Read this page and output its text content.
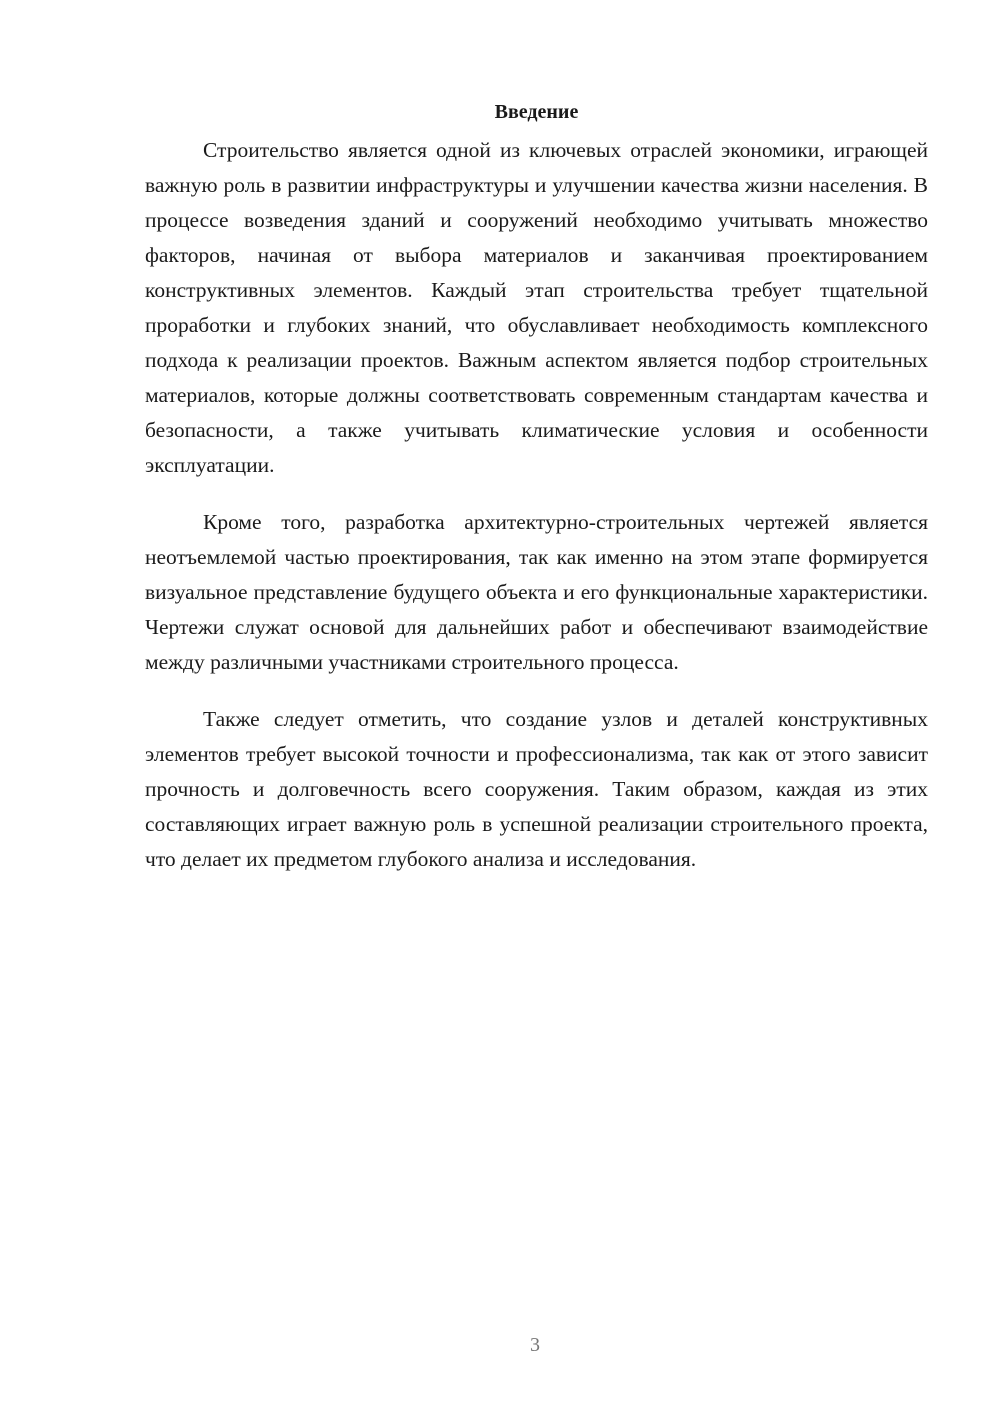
Введение

Строительство является одной из ключевых отраслей экономики, играющей важную роль в развитии инфраструктуры и улучшении качества жизни населения. В процессе возведения зданий и сооружений необходимо учитывать множество факторов, начиная от выбора материалов и заканчивая проектированием конструктивных элементов. Каждый этап строительства требует тщательной проработки и глубоких знаний, что обуславливает необходимость комплексного подхода к реализации проектов. Важным аспектом является подбор строительных материалов, которые должны соответствовать современным стандартам качества и безопасности, а также учитывать климатические условия и особенности эксплуатации.

Кроме того, разработка архитектурно-строительных чертежей является неотъемлемой частью проектирования, так как именно на этом этапе формируется визуальное представление будущего объекта и его функциональные характеристики. Чертежи служат основой для дальнейших работ и обеспечивают взаимодействие между различными участниками строительного процесса.

Также следует отметить, что создание узлов и деталей конструктивных элементов требует высокой точности и профессионализма, так как от этого зависит прочность и долговечность всего сооружения. Таким образом, каждая из этих составляющих играет важную роль в успешной реализации строительного проекта, что делает их предметом глубокого анализа и исследования.

3
